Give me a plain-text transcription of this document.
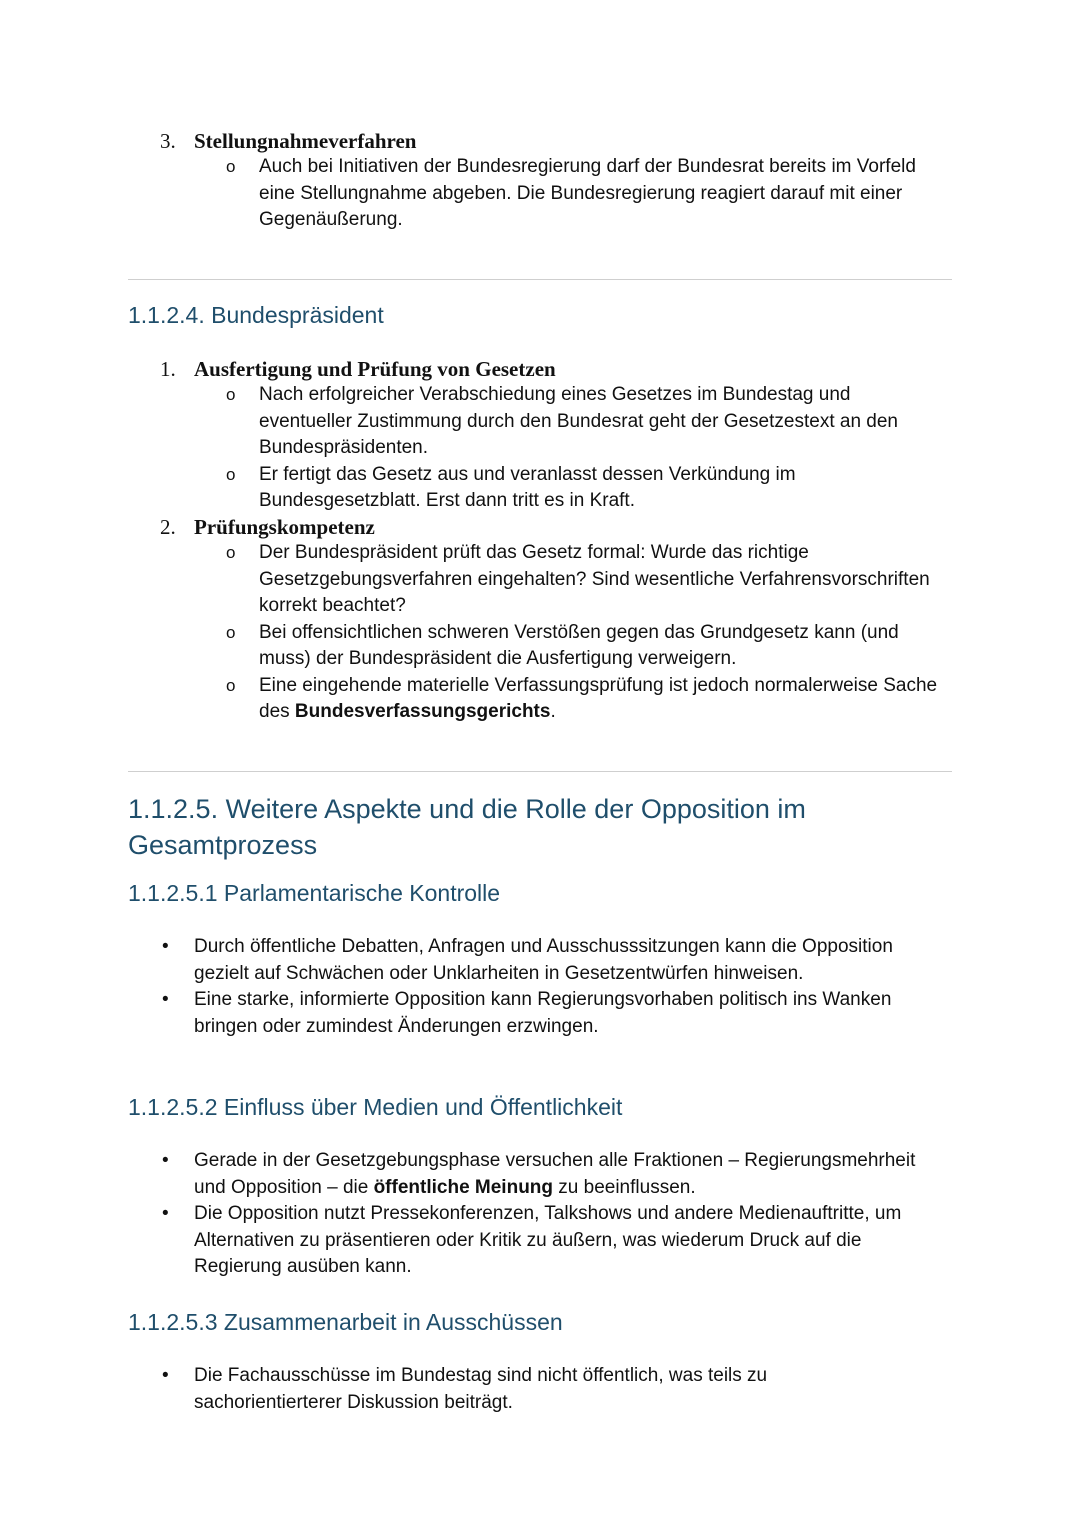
3. Stellungnahmeverfahren
o Auch bei Initiativen der Bundesregierung darf der Bundesrat bereits im Vorfeld eine Stellungnahme abgeben. Die Bundesregierung reagiert darauf mit einer Gegenäußerung.
1.1.2.4. Bundespräsident
1. Ausfertigung und Prüfung von Gesetzen
o Nach erfolgreicher Verabschiedung eines Gesetzes im Bundestag und eventueller Zustimmung durch den Bundesrat geht der Gesetzestext an den Bundespräsidenten.
o Er fertigt das Gesetz aus und veranlasst dessen Verkündung im Bundesgesetzblatt. Erst dann tritt es in Kraft.
2. Prüfungskompetenz
o Der Bundespräsident prüft das Gesetz formal: Wurde das richtige Gesetzgebungsverfahren eingehalten? Sind wesentliche Verfahrensvorschriften korrekt beachtet?
o Bei offensichtlichen schweren Verstößen gegen das Grundgesetz kann (und muss) der Bundespräsident die Ausfertigung verweigern.
o Eine eingehende materielle Verfassungsprüfung ist jedoch normalerweise Sache des Bundesverfassungsgerichts.
1.1.2.5. Weitere Aspekte und die Rolle der Opposition im Gesamtprozess
1.1.2.5.1 Parlamentarische Kontrolle
• Durch öffentliche Debatten, Anfragen und Ausschusssitzungen kann die Opposition gezielt auf Schwächen oder Unklarheiten in Gesetzentwürfen hinweisen.
• Eine starke, informierte Opposition kann Regierungsvorhaben politisch ins Wanken bringen oder zumindest Änderungen erzwingen.
1.1.2.5.2 Einfluss über Medien und Öffentlichkeit
• Gerade in der Gesetzgebungsphase versuchen alle Fraktionen – Regierungsmehrheit und Opposition – die öffentliche Meinung zu beeinflussen.
• Die Opposition nutzt Pressekonferenzen, Talkshows und andere Medienauftritte, um Alternativen zu präsentieren oder Kritik zu äußern, was wiederum Druck auf die Regierung ausüben kann.
1.1.2.5.3 Zusammenarbeit in Ausschüssen
• Die Fachausschüsse im Bundestag sind nicht öffentlich, was teils zu sachorientierterer Diskussion beiträgt.
